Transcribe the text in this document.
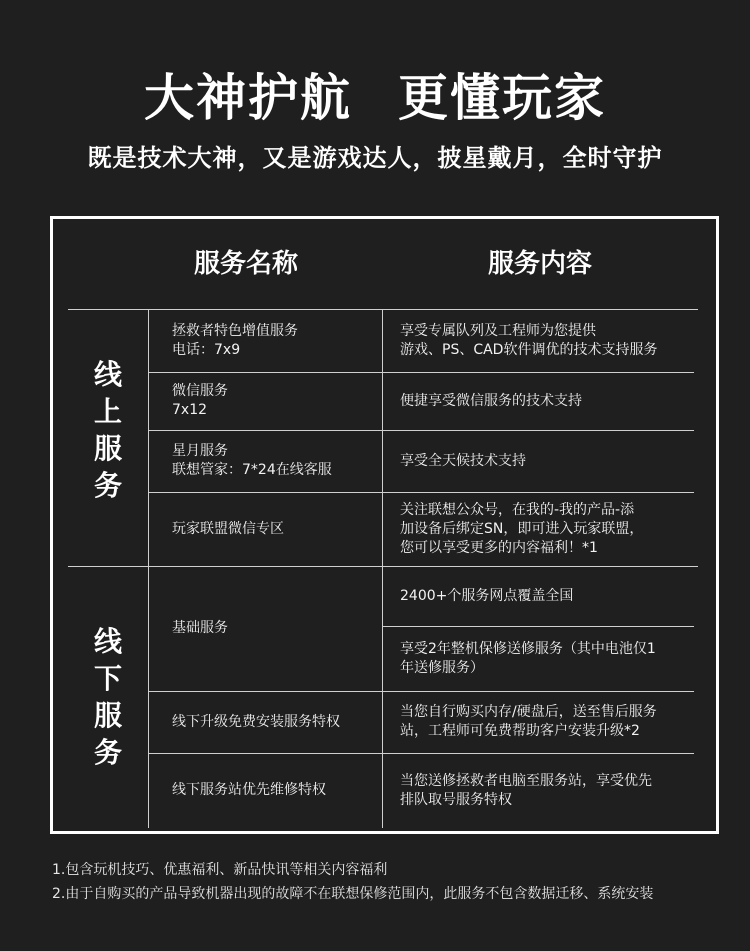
大神护航 更懂玩家
既是技术大神，又是游戏达人，披星戴月，全时守护
服务名称	服务内容
线
上
服
务
拯救者特色增值服务
电话：7x9
享受专属队列及工程师为您提供
游戏、PS、CAD软件调优的技术支持服务
微信服务
7x12
便捷享受微信服务的技术支持
星月服务
联想管家：7*24在线客服
享受全天候技术支持
玩家联盟微信专区
关注联想公众号，在我的-我的产品-添
加设备后绑定SN，即可进入玩家联盟，
您可以享受更多的内容福利！*1
线
下
服
务
基础服务
2400+个服务网点覆盖全国
享受2年整机保修送修服务（其中电池仅1
年送修服务）
线下升级免费安装服务特权
当您自行购买内存/硬盘后，送至售后服务
站，工程师可免费帮助客户安装升级*2
线下服务站优先维修特权
当您送修拯救者电脑至服务站，享受优先
排队取号服务特权
1.包含玩机技巧、优惠福利、新品快讯等相关内容福利
2.由于自购买的产品导致机器出现的故障不在联想保修范围内，此服务不包含数据迁移、系统安装
